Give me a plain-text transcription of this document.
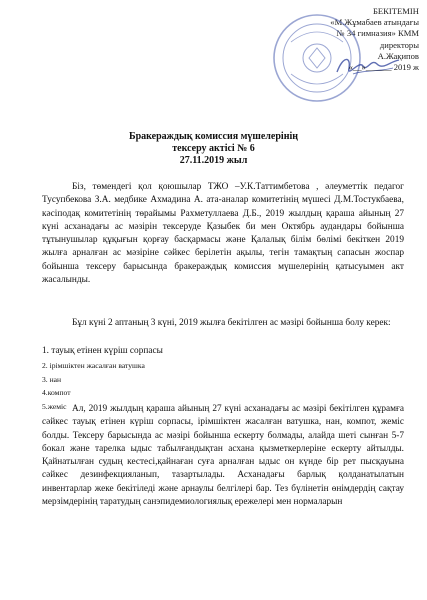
БЕКІТЕМІН
«М.Жұмабаев атындағы
№ 34 гимназия» КММ
директоры
А.Жақипов
«__»______ 2019 ж
Бракераждық комиссия мүшелерінің
тексеру актісі № 6
27.11.2019 жыл
Біз, төмендегі қол қоюшылар ТЖО –У.К.Таттимбетова , әлеуметтік педагог Тусупбекова З.А. медбике Ахмадина А. ата-аналар комитетінің мүшесі Д.М.Тостукбаева, кәсіподақ комитетінің төрайымы Рахметуллаева Д.Б., 2019 жылдың қараша айының 27 күні асханадағы ас мәзірін тексеруде Қазыбек би мен Октябрь аудандары бойынша тұтынушылар құқығын қорғау басқармасы және Қалалық білім бөлімі бекіткен 2019 жылға арналған ас мәзіріне сәйкес берілетін ақылы, тегін тамақтың сапасын жоспар бойынша тексеру барысында бракераждық комиссия мүшелерінің қатысуымен акт жасалынды.
Бұл күні 2 аптаның 3 күні, 2019 жылға бекітілген ас мәзірі бойынша болу керек:
1. тауық етінен күріш сорпасы
2. ірімшіктен жасалған ватушка
3. нан
4.компот
5.жеміс Ал, 2019 жылдың қараша айының 27 күні асханадағы ас мәзірі бекітілген құрамға сәйкес тауық етінен күріш сорпасы, ірімшіктен жасалған ватушка, нан, компот, жеміс болды. Тексеру барысында ас мәзірі бойынша ескерту болмады, алайда шеті сынған 5-7 бокал және тарелка ыдыс табылғандықтан асхана қызметкерлеріне ескерту айтылды. Қайнатылған судың кестесі,қайнаған суға арналған ыдыс он күнде бір рет пысқауына сәйкес дезинфекцияланып, тазартылады. Асханадағы барлық қолданатылатын инвентарлар жеке бекітіледі және арнаулы белгілері бар. Тез бүлінетін өнімдердің сақтау мерзімдерінің таратудың санэпидемиологиялық ережелері мен нормаларын
